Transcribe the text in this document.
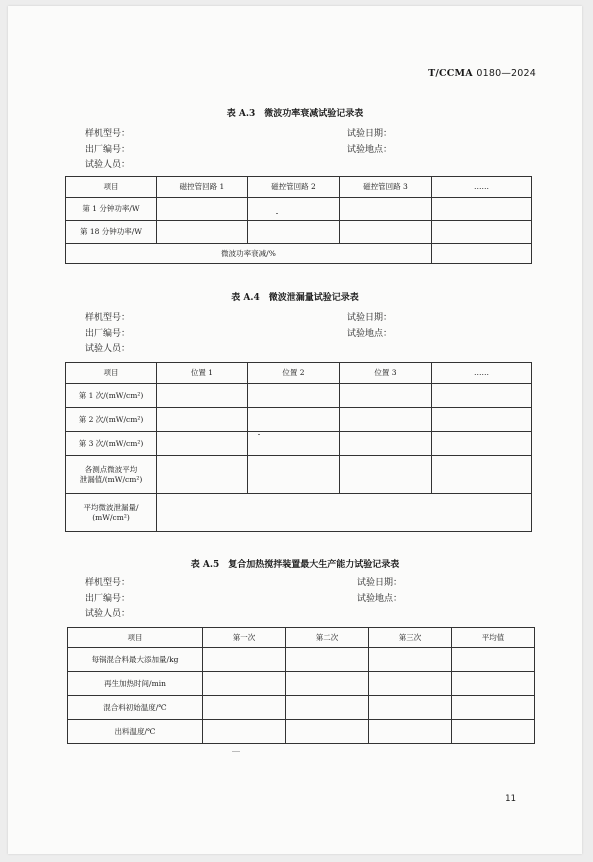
T/CCMA 0180—2024
表 A.3　微波功率衰减试验记录表
样机型号：
出厂编号：
试验人员：
试验日期：
试验地点：
项目	磁控管回路 1	磁控管回路 2	磁控管回路 3	……
第 1 分钟功率/W				
第 18 分钟功率/W				
微波功率衰减/%				
表 A.4　微波泄漏量试验记录表
样机型号：
出厂编号：
试验人员：
试验日期：
试验地点：
项目	位置 1	位置 2	位置 3	……
第 1 次/(mW/cm²)				
第 2 次/(mW/cm²)				
第 3 次/(mW/cm²)				

各测点微波平均
泄漏值/(mW/cm²)				

平均微波泄漏量/
(mW/cm²)				

表 A.5　复合加热搅拌装置最大生产能力试验记录表
样机型号：
出厂编号：
试验人员：
试验日期：
试验地点：
项目	第一次	第二次	第三次	平均值
每锅混合料最大添加量/kg				
再生加热时间/min				
混合料初始温度/℃				
出料温度/℃				
11
